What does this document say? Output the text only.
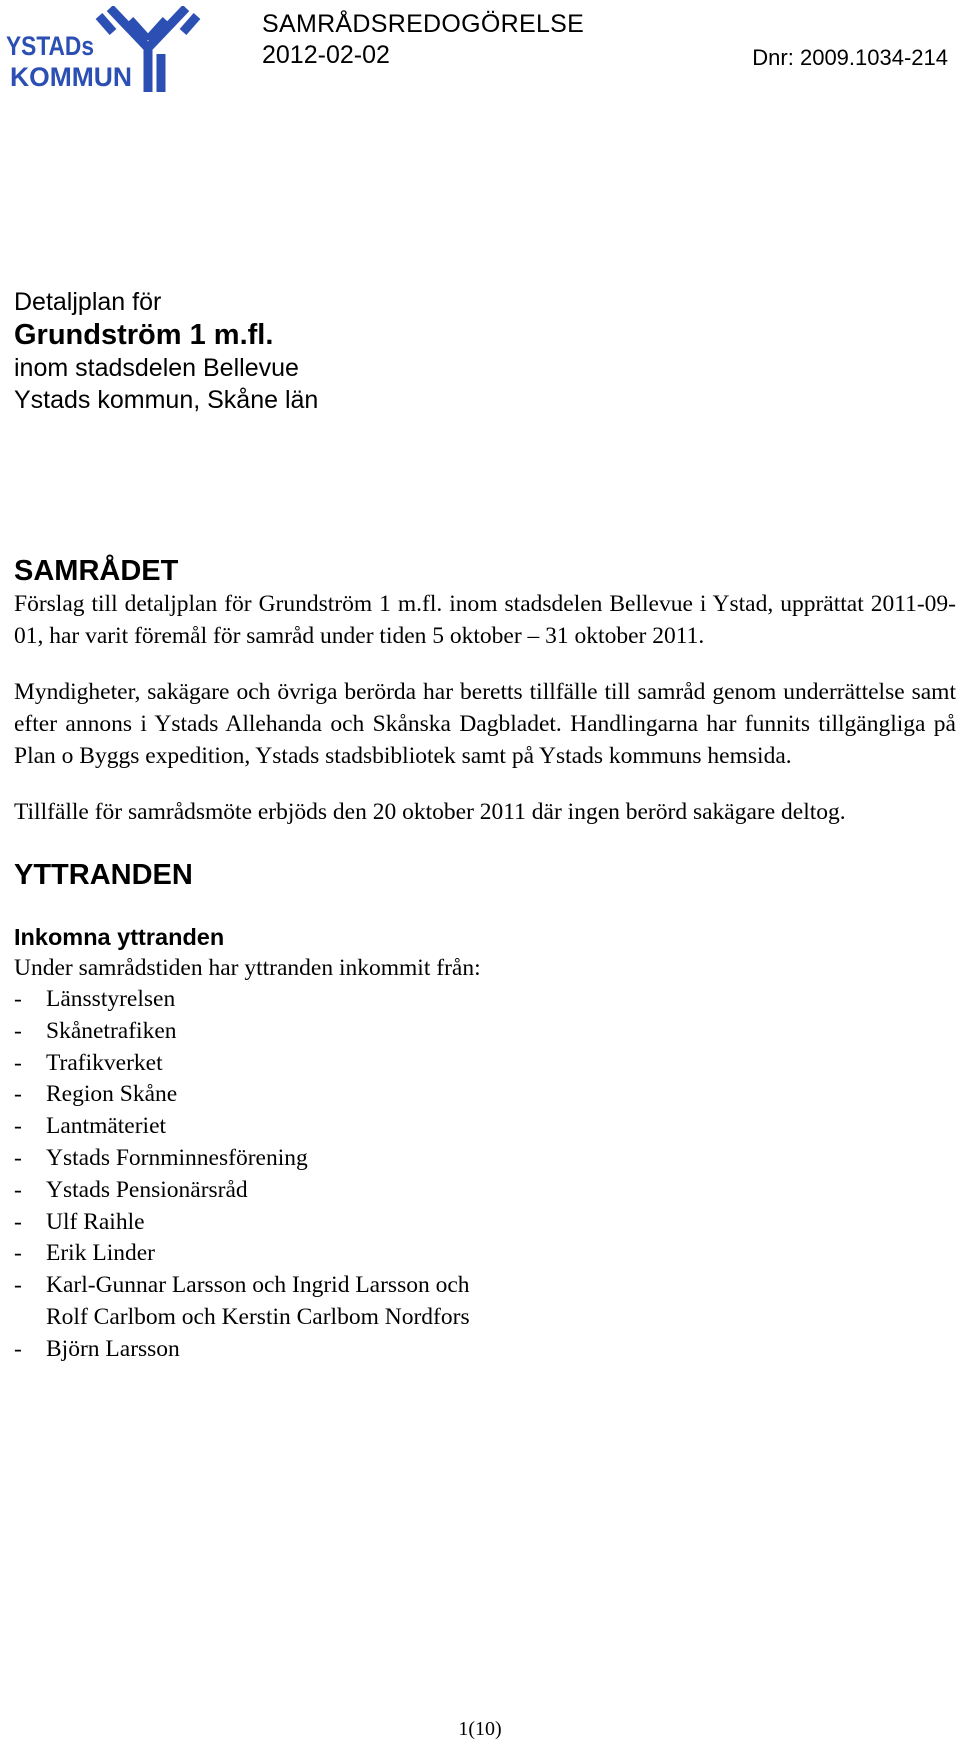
YSTADs
KOMMUN
SAMRÅDSREDOGÖRELSE
2012-02-02	Dnr: 2009.1034-214
Detaljplan för
Grundström 1 m.fl.
inom stadsdelen Bellevue
Ystads kommun, Skåne län
SAMRÅDET

Förslag till detaljplan för Grundström 1 m.fl. inom stadsdelen Bellevue i Ystad, upprättat 2011-09-01, har varit föremål för samråd under tiden 5 oktober – 31 oktober 2011.

Myndigheter, sakägare och övriga berörda har beretts tillfälle till samråd genom underrättelse samt efter annons i Ystads Allehanda och Skånska Dagbladet. Handlingarna har funnits tillgängliga på Plan o Byggs expedition, Ystads stadsbibliotek samt på Ystads kommuns hemsida.

Tillfälle för samrådsmöte erbjöds den 20 oktober 2011 där ingen berörd sakägare deltog.

YTTRANDEN
Inkomna yttranden

Under samrådstiden har yttranden inkommit från:

- Länsstyrelsen
- Skånetrafiken
- Trafikverket
- Region Skåne
- Lantmäteriet
- Ystads Fornminnesförening
- Ystads Pensionärsråd
- Ulf Raihle
- Erik Linder
- Karl-Gunnar Larsson och Ingrid Larsson och
Rolf Carlbom och Kerstin Carlbom Nordfors
- Björn Larsson
1(10)
